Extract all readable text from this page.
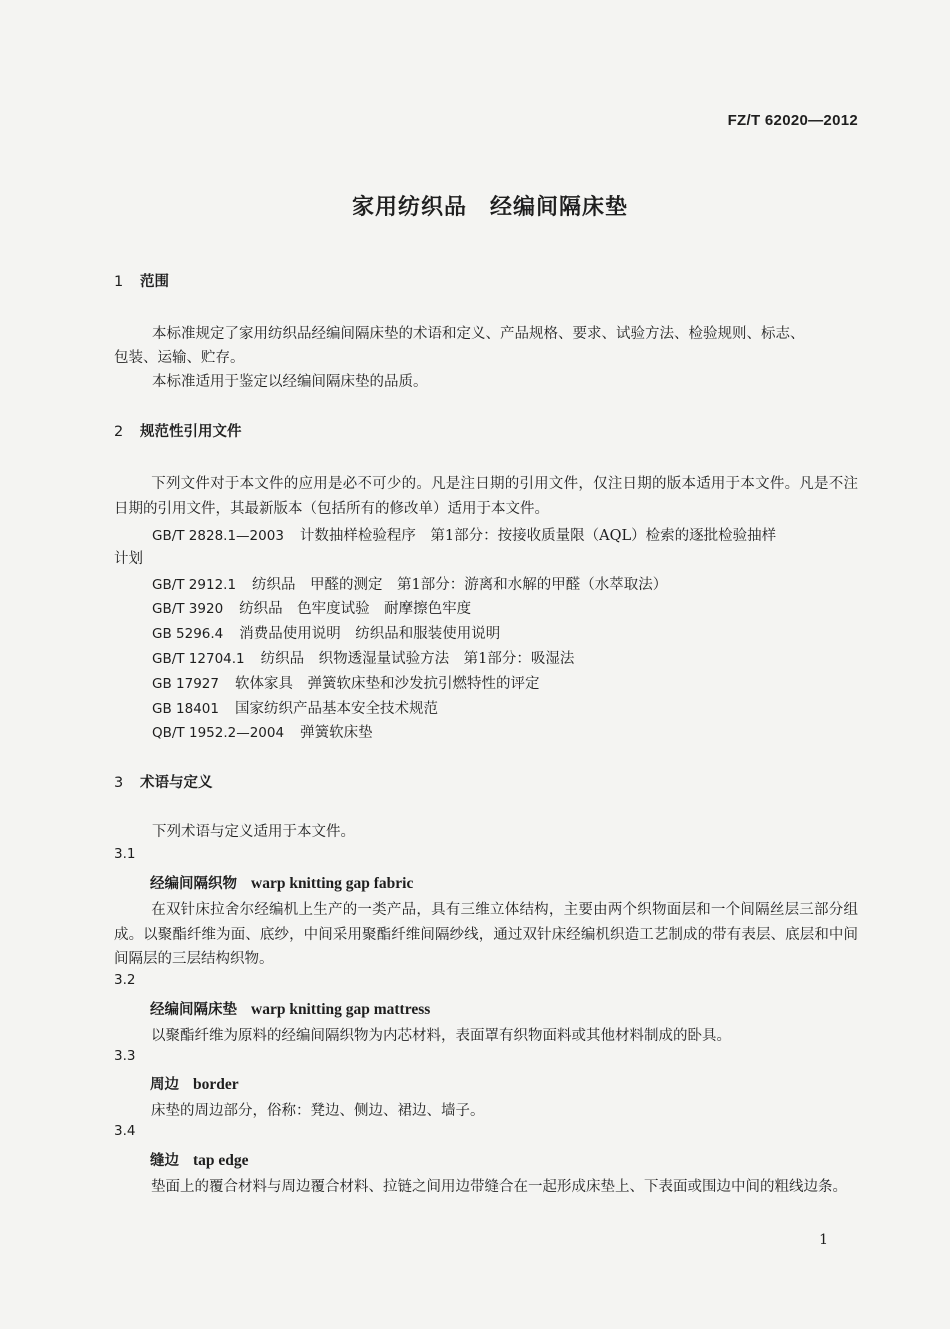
FZ/T 62020—2012
家用纺织品　经编间隔床垫
1 范围
本标准规定了家用纺织品经编间隔床垫的术语和定义、产品规格、要求、试验方法、检验规则、标志、
包装、运输、贮存。
本标准适用于鉴定以经编间隔床垫的品质。
2 规范性引用文件
下列文件对于本文件的应用是必不可少的。凡是注日期的引用文件，仅注日期的版本适用于本文件。凡是不注日期的引用文件，其最新版本（包括所有的修改单）适用于本文件。
GB/T 2828.1—2003 计数抽样检验程序　第1部分：按接收质量限（AQL）检索的逐批检验抽样
计划
GB/T 2912.1 纺织品　甲醛的测定　第1部分：游离和水解的甲醛（水萃取法）
GB/T 3920 纺织品　色牢度试验　耐摩擦色牢度
GB 5296.4 消费品使用说明　纺织品和服装使用说明
GB/T 12704.1 纺织品　织物透湿量试验方法　第1部分：吸湿法
GB 17927 软体家具　弹簧软床垫和沙发抗引燃特性的评定
GB 18401 国家纺织产品基本安全技术规范
QB/T 1952.2—2004 弹簧软床垫
3 术语与定义
下列术语与定义适用于本文件。
3.1
经编间隔织物 warp knitting gap fabric
在双针床拉舍尔经编机上生产的一类产品，具有三维立体结构，主要由两个织物面层和一个间隔丝层三部分组成。以聚酯纤维为面、底纱，中间采用聚酯纤维间隔纱线，通过双针床经编机织造工艺制成的带有表层、底层和中间间隔层的三层结构织物。
3.2
经编间隔床垫 warp knitting gap mattress
以聚酯纤维为原料的经编间隔织物为内芯材料，表面罩有织物面料或其他材料制成的卧具。
3.3
周边 border
床垫的周边部分，俗称：凳边、侧边、裙边、墙子。
3.4
缝边 tap edge
垫面上的覆合材料与周边覆合材料、拉链之间用边带缝合在一起形成床垫上、下表面或围边中间的粗线边条。
1
